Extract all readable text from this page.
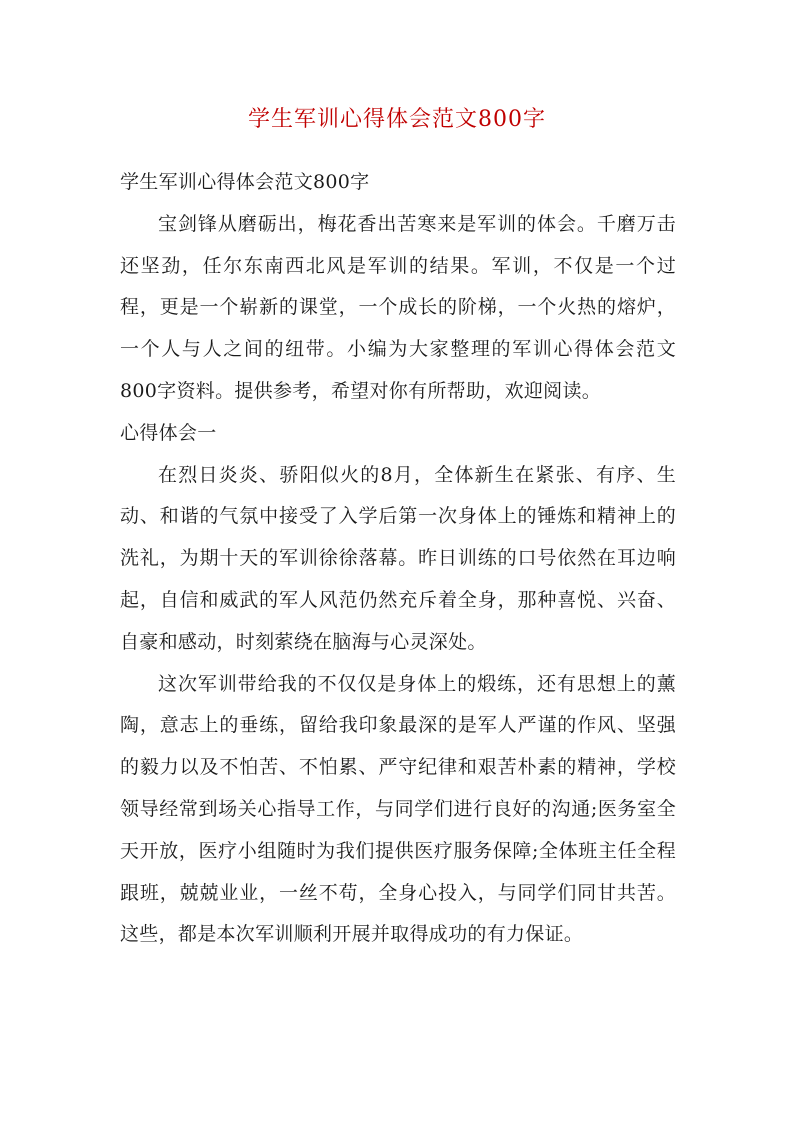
学生军训心得体会范文800字

学生军训心得体会范文800字

宝剑锋从磨砺出，梅花香出苦寒来是军训的体会。千磨万击还坚劲，任尔东南西北风是军训的结果。军训，不仅是一个过程，更是一个崭新的课堂，一个成长的阶梯，一个火热的熔炉，一个人与人之间的纽带。小编为大家整理的军训心得体会范文800字资料。提供参考，希望对你有所帮助，欢迎阅读。

心得体会一

在烈日炎炎、骄阳似火的8月，全体新生在紧张、有序、生动、和谐的气氛中接受了入学后第一次身体上的锤炼和精神上的洗礼，为期十天的军训徐徐落幕。昨日训练的口号依然在耳边响起，自信和威武的军人风范仍然充斥着全身，那种喜悦、兴奋、自豪和感动，时刻萦绕在脑海与心灵深处。

这次军训带给我的不仅仅是身体上的煅练，还有思想上的薰陶，意志上的垂练，留给我印象最深的是军人严谨的作风、坚强的毅力以及不怕苦、不怕累、严守纪律和艰苦朴素的精神，学校领导经常到场关心指导工作，与同学们进行良好的沟通;医务室全天开放，医疗小组随时为我们提供医疗服务保障;全体班主任全程跟班，兢兢业业，一丝不苟，全身心投入，与同学们同甘共苦。这些，都是本次军训顺利开展并取得成功的有力保证。
